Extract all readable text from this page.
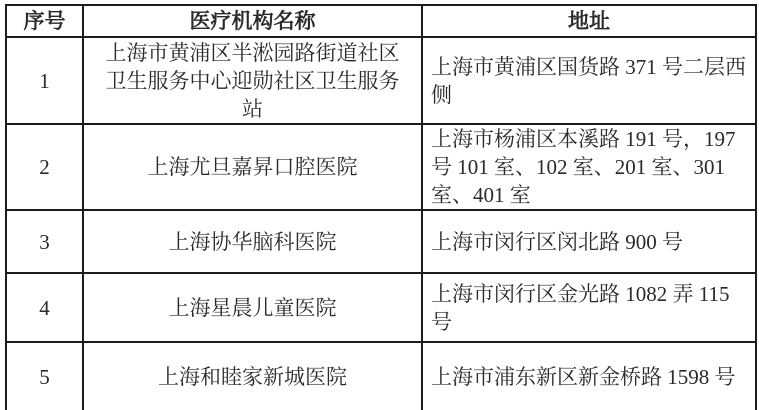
序号	医疗机构名称	地址
1	上海市黄浦区半淞园路街道社区卫生服务中心迎勋社区卫生服务站	上海市黄浦区国货路 371 号二层西侧
2	上海尤旦嘉昇口腔医院	上海市杨浦区本溪路 191 号，197 号 101 室、102 室、201 室、301 室、401 室
3	上海协华脑科医院	上海市闵行区闵北路 900 号
4	上海星晨儿童医院	上海市闵行区金光路 1082 弄 115 号
5	上海和睦家新城医院	上海市浦东新区新金桥路 1598 号
